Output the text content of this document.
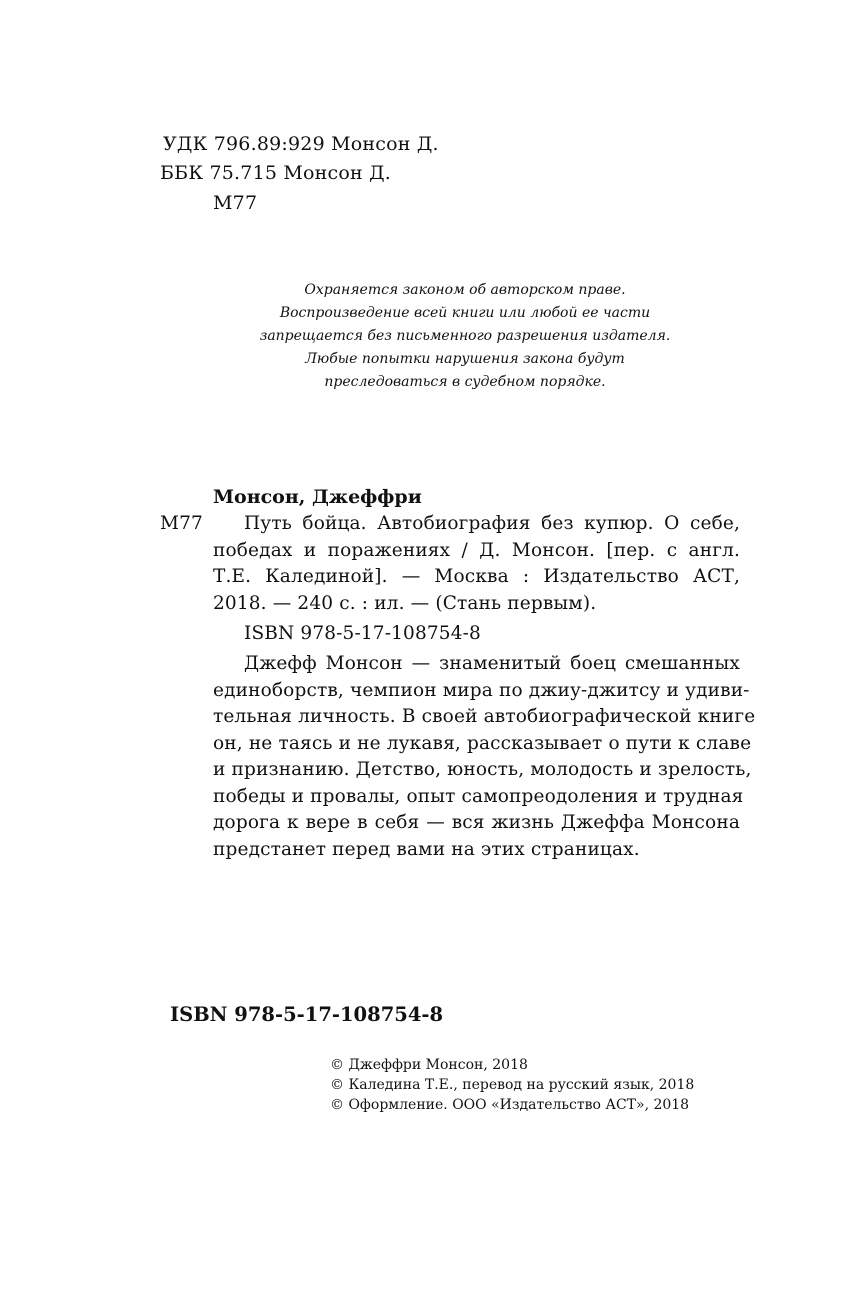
УДК 796.89:929 Монсон Д.
ББК 75.715 Монсон Д.
М77
Охраняется законом об авторском праве.
Воспроизведение всей книги или любой ее части
запрещается без письменного разрешения издателя.
Любые попытки нарушения закона будут
преследоваться в судебном порядке.
Монсон, Джеффри
М77	Путь бойца. Автобиография без купюр. О себе,
победах и поражениях / Д. Монсон. [пер. с англ.
Т.Е. Калединой]. — Москва : Издательство АСТ,
2018. — 240 с. : ил. — (Стань первым).
ISBN 978-5-17-108754-8
Джефф Монсон — знаменитый боец смешанных
единоборств, чемпион мира по джиу-джитсу и удиви-
тельная личность. В своей автобиографической книге
он, не таясь и не лукавя, рассказывает о пути к славе
и признанию. Детство, юность, молодость и зрелость,
победы и провалы, опыт самопреодоления и трудная
дорога к вере в себя — вся жизнь Джеффа Монсона
предстанет перед вами на этих страницах.
ISBN 978-5-17-108754-8
© Джеффри Монсон, 2018
© Каледина Т.Е., перевод на русский язык, 2018
© Оформление. ООО «Издательство АСТ», 2018
